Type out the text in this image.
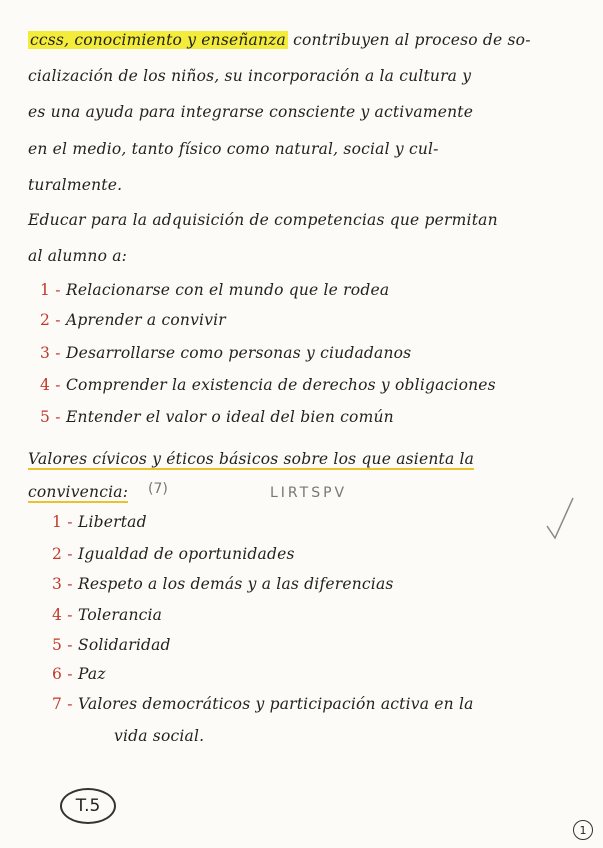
ccss, conocimiento y enseñanza contribuyen al proceso de so-
cialización de los niños, su incorporación a la cultura y
es una ayuda para integrarse consciente y activamente
en el medio, tanto físico como natural, social y cul-
turalmente.
Educar para la adquisición de competencias que permitan
al alumno a:
1 - Relacionarse con el mundo que le rodea
2 - Aprender a convivir
3 - Desarrollarse como personas y ciudadanos
4 - Comprender la existencia de derechos y obligaciones
5 - Entender el valor o ideal del bien común
Valores cívicos y éticos básicos sobre los que asienta la
convivencia:	(7)	LIRTSPV
1 - Libertad
2 - Igualdad de oportunidades
3 - Respeto a los demás y a las diferencias
4 - Tolerancia
5 - Solidaridad
6 - Paz
7 - Valores democráticos y participación activa en la
vida social.
T.5
1
